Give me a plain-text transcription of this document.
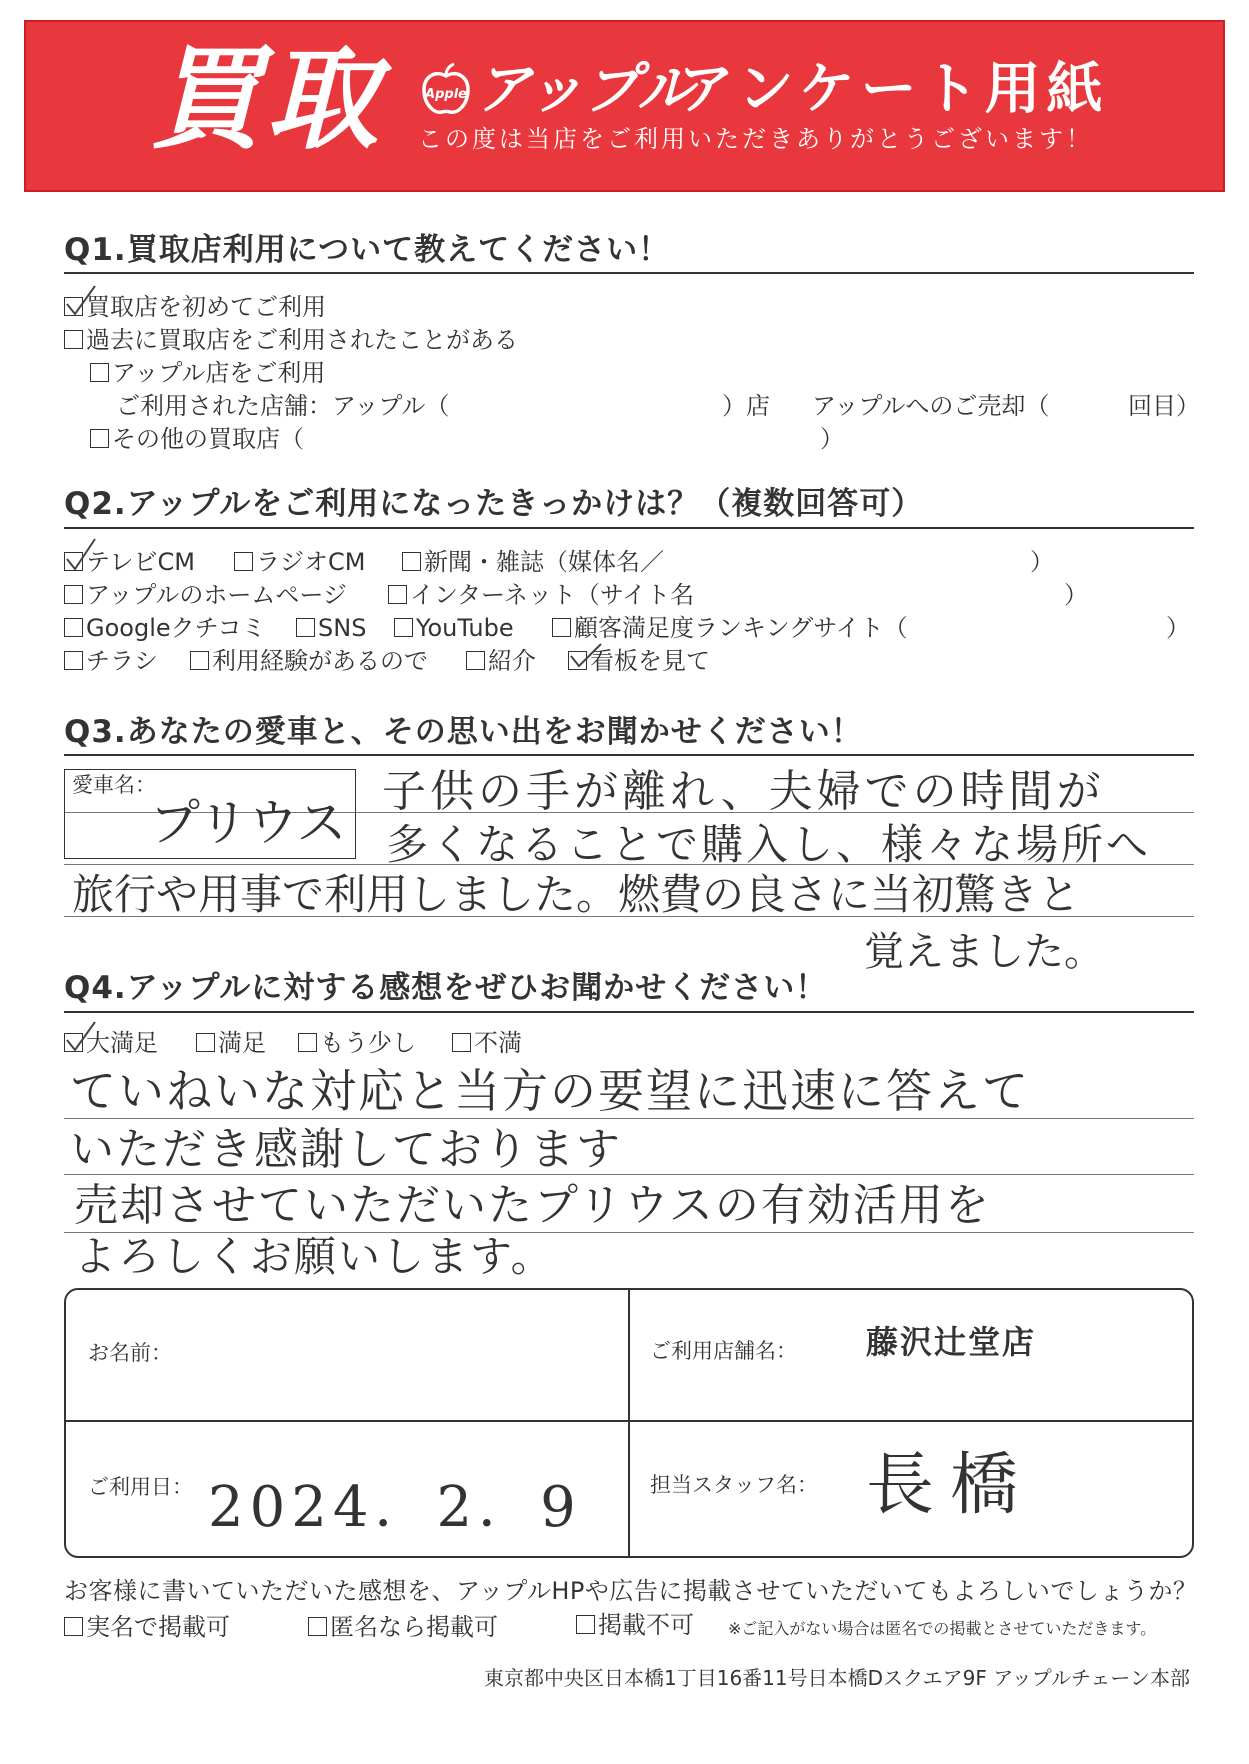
買取	Apple アップル
アンケート用紙
この度は当店をご利用いただきありがとうございます！
Q1.買取店利用について教えてください！
買取店を初めてご利用
過去に買取店をご利用されたことがある
アップル店をご利用
ご利用された店舗：アップル（	）店 アップルへのご売却（	回目）
その他の買取店（	）
Q2.アップルをご利用になったきっかけは？（複数回答可）
テレビCM	ラジオCM	新聞・雑誌（媒体名／	）
アップルのホームページ	インターネット（サイト名	）
Googleクチコミ	SNS	YouTube	顧客満足度ランキングサイト（	）
チラシ	利用経験があるので	紹介	看板を見て
Q3.あなたの愛車と、その思い出をお聞かせください！
愛車名：
プリウス
子供の手が離れ、夫婦での時間が
多くなることで購入し、様々な場所へ
旅行や用事で利用しました。燃費の良さに当初驚きと
覚えました。
Q4.アップルに対する感想をぜひお聞かせください！
大満足	満足	もう少し	不満
ていねいな対応と当方の要望に迅速に答えて
いただき感謝しております
売却させていただいたプリウスの有効活用を
よろしくお願いします。
お名前：	ご利用店舗名： 藤沢辻堂店
ご利用日： 2024．2．9	担当スタッフ名： 長橋
お客様に書いていただいた感想を、アップルHPや広告に掲載させていただいてもよろしいでしょうか？
実名で掲載可	匿名なら掲載可	掲載不可 ※ご記入がない場合は匿名での掲載とさせていただきます。
東京都中央区日本橋1丁目16番11号日本橋Dスクエア9F アップルチェーン本部
